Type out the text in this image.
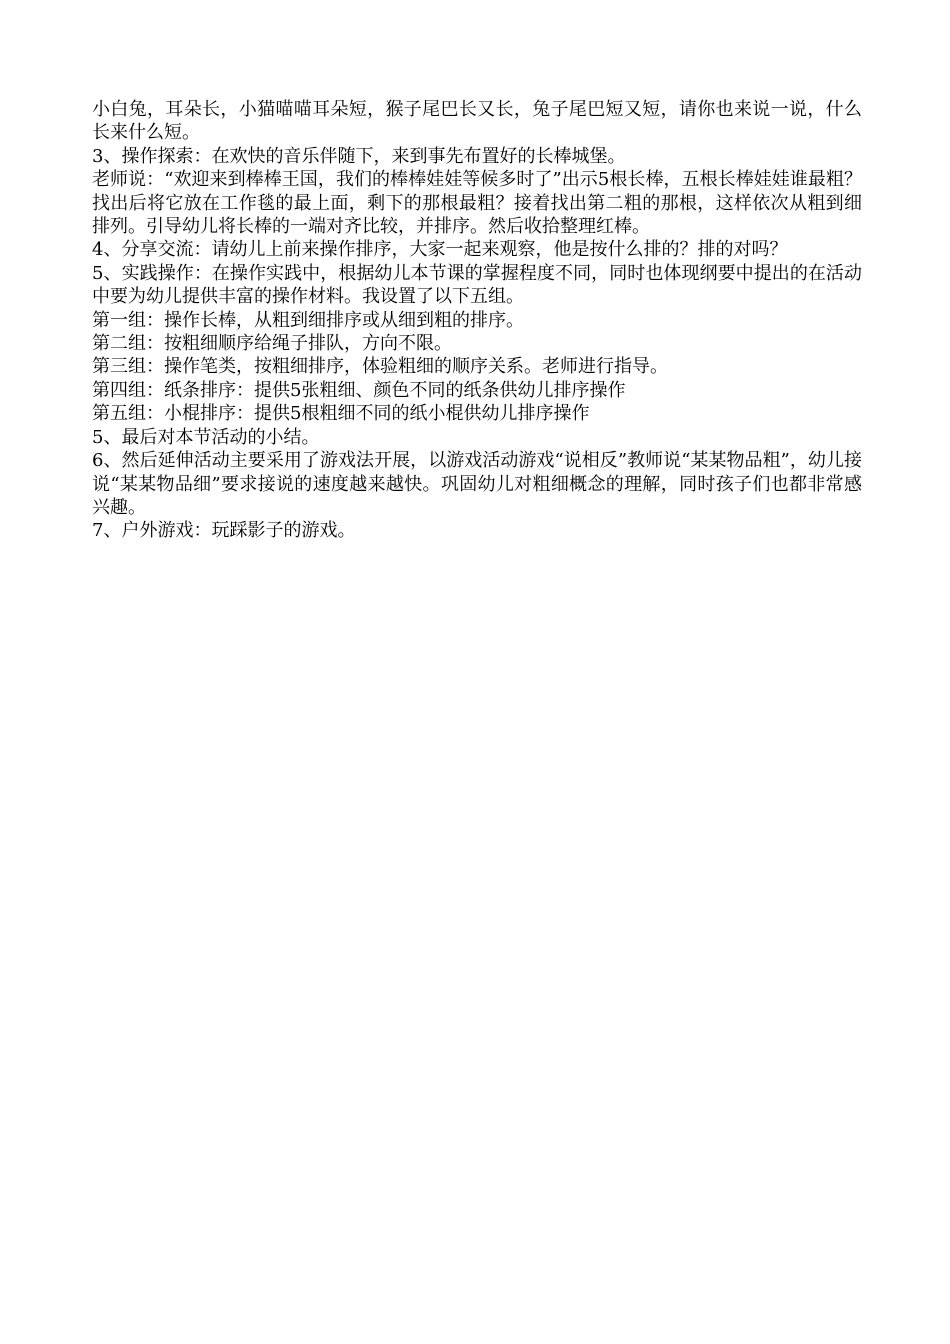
小白兔，耳朵长，小猫喵喵耳朵短，猴子尾巴长又长，兔子尾巴短又短，请你也来说一说，什么长来什么短。

3、操作探索：在欢快的音乐伴随下，来到事先布置好的长棒城堡。

老师说：“欢迎来到棒棒王国，我们的棒棒娃娃等候多时了”出示5根长棒，五根长棒娃娃谁最粗？找出后将它放在工作毯的最上面，剩下的那根最粗？接着找出第二粗的那根，这样依次从粗到细排列。引导幼儿将长棒的一端对齐比较，并排序。然后收拾整理红棒。

4、分享交流：请幼儿上前来操作排序，大家一起来观察，他是按什么排的？排的对吗？

5、实践操作：在操作实践中，根据幼儿本节课的掌握程度不同，同时也体现纲要中提出的在活动中要为幼儿提供丰富的操作材料。我设置了以下五组。

第一组：操作长棒，从粗到细排序或从细到粗的排序。

第二组：按粗细顺序给绳子排队，方向不限。

第三组：操作笔类，按粗细排序，体验粗细的顺序关系。老师进行指导。

第四组：纸条排序：提供5张粗细、颜色不同的纸条供幼儿排序操作

第五组：小棍排序：提供5根粗细不同的纸小棍供幼儿排序操作

5、最后对本节活动的小结。

6、然后延伸活动主要采用了游戏法开展，以游戏活动游戏“说相反”教师说“某某物品粗”，幼儿接说“某某物品细”要求接说的速度越来越快。巩固幼儿对粗细概念的理解，同时孩子们也都非常感兴趣。

7、户外游戏：玩踩影子的游戏。
